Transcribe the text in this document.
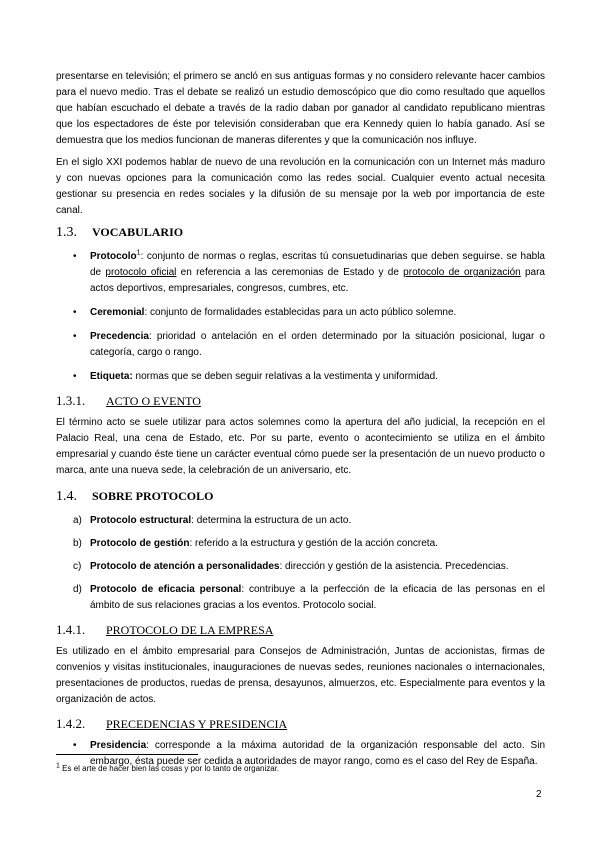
presentarse en televisión; el primero se ancló en sus antiguas formas y no considero relevante hacer cambios para el nuevo medio. Tras el debate se realizó un estudio demoscópico que dio como resultado que aquellos que habían escuchado el debate a través de la radio daban por ganador al candidato republicano mientras que los espectadores de éste por televisión consideraban que era Kennedy quien lo había ganado. Así se demuestra que los medios funcionan de maneras diferentes y que la comunicación nos influye.

En el siglo XXI podemos hablar de nuevo de una revolución en la comunicación con un Internet más maduro y con nuevas opciones para la comunicación como las redes social. Cualquier evento actual necesita gestionar su presencia en redes sociales y la difusión de su mensaje por la web por importancia de este canal.

1.3.	VOCABULARIO
• Protocolo$^1$: conjunto de normas o reglas, escritas tú consuetudinarias que deben seguirse. se habla de protocolo oficial en referencia a las ceremonias de Estado y de protocolo de organización para actos deportivos, empresariales, congresos, cumbres, etc.
• Ceremonial: conjunto de formalidades establecidas para un acto público solemne.
• Precedencia: prioridad o antelación en el orden determinado por la situación posicional, lugar o categoría, cargo o rango.
• Etiqueta: normas que se deben seguir relativas a la vestimenta y uniformidad.
1.3.1.	ACTO O EVENTO

El término acto se suele utilizar para actos solemnes como la apertura del año judicial, la recepción en el Palacio Real, una cena de Estado, etc. Por su parte, evento o acontecimiento se utiliza en el ámbito empresarial y cuando éste tiene un carácter eventual cómo puede ser la presentación de un nuevo producto o marca, ante una nueva sede, la celebración de un aniversario, etc.

1.4.	SOBRE PROTOCOLO
a) Protocolo estructural: determina la estructura de un acto.
b) Protocolo de gestión: referido a la estructura y gestión de la acción concreta.
c) Protocolo de atención a personalidades: dirección y gestión de la asistencia. Precedencias.
d) Protocolo de eficacia personal: contribuye a la perfección de la eficacia de las personas en el ámbito de sus relaciones gracias a los eventos. Protocolo social.
1.4.1.	PROTOCOLO DE LA EMPRESA

Es utilizado en el ámbito empresarial para Consejos de Administración, Juntas de accionistas, firmas de convenios y visitas institucionales, inauguraciones de nuevas sedes, reuniones nacionales o internacionales, presentaciones de productos, ruedas de prensa, desayunos, almuerzos, etc. Especialmente para eventos y la organización de actos.

1.4.2.	PRECEDENCIAS Y PRESIDENCIA
• Presidencia: corresponde a la máxima autoridad de la organización responsable del acto. Sin embargo, ésta puede ser cedida a autoridades de mayor rango, como es el caso del Rey de España.
$^1$ Es el arte de hacer bien las cosas y por lo tanto de organizar.
2
